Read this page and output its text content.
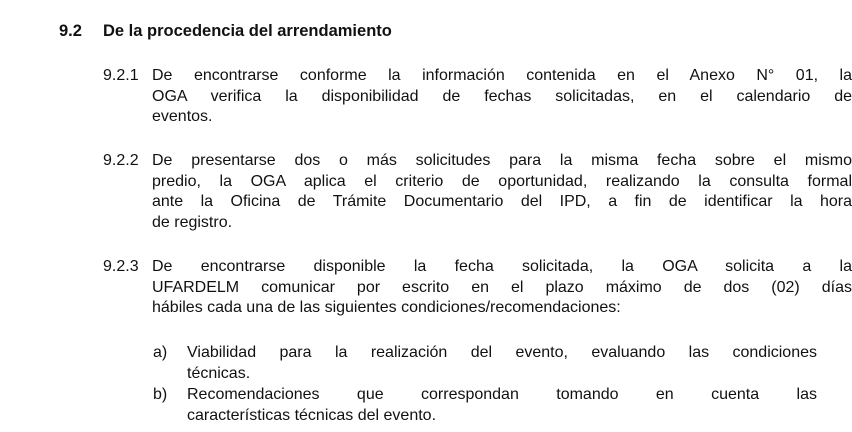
9.2 De la procedencia del arrendamiento
9.2.1 De encontrarse conforme la información contenida en el Anexo N° 01, la
OGA verifica la disponibilidad de fechas solicitadas, en el calendario de
eventos.
9.2.2 De presentarse dos o más solicitudes para la misma fecha sobre el mismo
predio, la OGA aplica el criterio de oportunidad, realizando la consulta formal
ante la Oficina de Trámite Documentario del IPD, a fin de identificar la hora
de registro.
9.2.3 De encontrarse disponible la fecha solicitada, la OGA solicita a la
UFARDELM comunicar por escrito en el plazo máximo de dos (02) días
hábiles cada una de las siguientes condiciones/recomendaciones:
a) Viabilidad para la realización del evento, evaluando las condiciones
técnicas.
b) Recomendaciones que correspondan tomando en cuenta las
características técnicas del evento.
